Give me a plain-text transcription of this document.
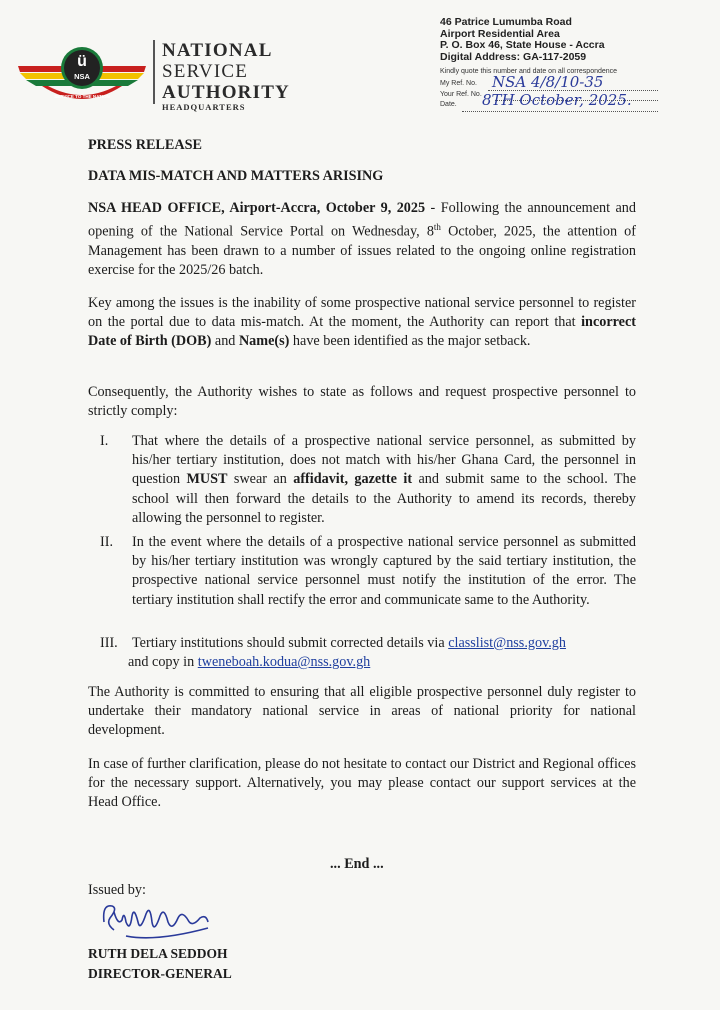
ü
NSA
SERVICE TO THE NATION
NATIONAL
SERVICE
AUTHORITY
HEADQUARTERS
46 Patrice Lumumba Road
Airport Residential Area
P. O. Box 46, State House - Accra
Digital Address: GA-117-2059
Kindly quote this number and date on all correspondence
My Ref. No. NSA 4/8/10-35
Your Ref. No.
Date. 8TH October, 2025.
PRESS RELEASE
DATA MIS-MATCH AND MATTERS ARISING

NSA HEAD OFFICE, Airport-Accra, October 9, 2025 - Following the announcement and opening of the National Service Portal on Wednesday, 8th October, 2025, the attention of Management has been drawn to a number of issues related to the ongoing online registration exercise for the 2025/26 batch.

Key among the issues is the inability of some prospective national service personnel to register on the portal due to data mis-match. At the moment, the Authority can report that incorrect Date of Birth (DOB) and Name(s) have been identified as the major setback.

Consequently, the Authority wishes to state as follows and request prospective personnel to strictly comply:

I. That where the details of a prospective national service personnel, as submitted by his/her tertiary institution, does not match with his/her Ghana Card, the personnel in question MUST swear an affidavit, gazette it and submit same to the school. The school will then forward the details to the Authority to amend its records, thereby allowing the personnel to register.
II. In the event where the details of a prospective national service personnel as submitted by his/her tertiary institution was wrongly captured by the said tertiary institution, the prospective national service personnel must notify the institution of the error. The tertiary institution shall rectify the error and communicate same to the Authority.
III. Tertiary institutions should submit corrected details via classlist@nss.gov.gh
and copy in tweneboah.kodua@nss.gov.gh

The Authority is committed to ensuring that all eligible prospective personnel duly register to undertake their mandatory national service in areas of national priority for national development.

In case of further clarification, please do not hesitate to contact our District and Regional offices for the necessary support. Alternatively, you may please contact our support services at the Head Office.

... End ...
Issued by:
RUTH DELA SEDDOH
DIRECTOR-GENERAL
